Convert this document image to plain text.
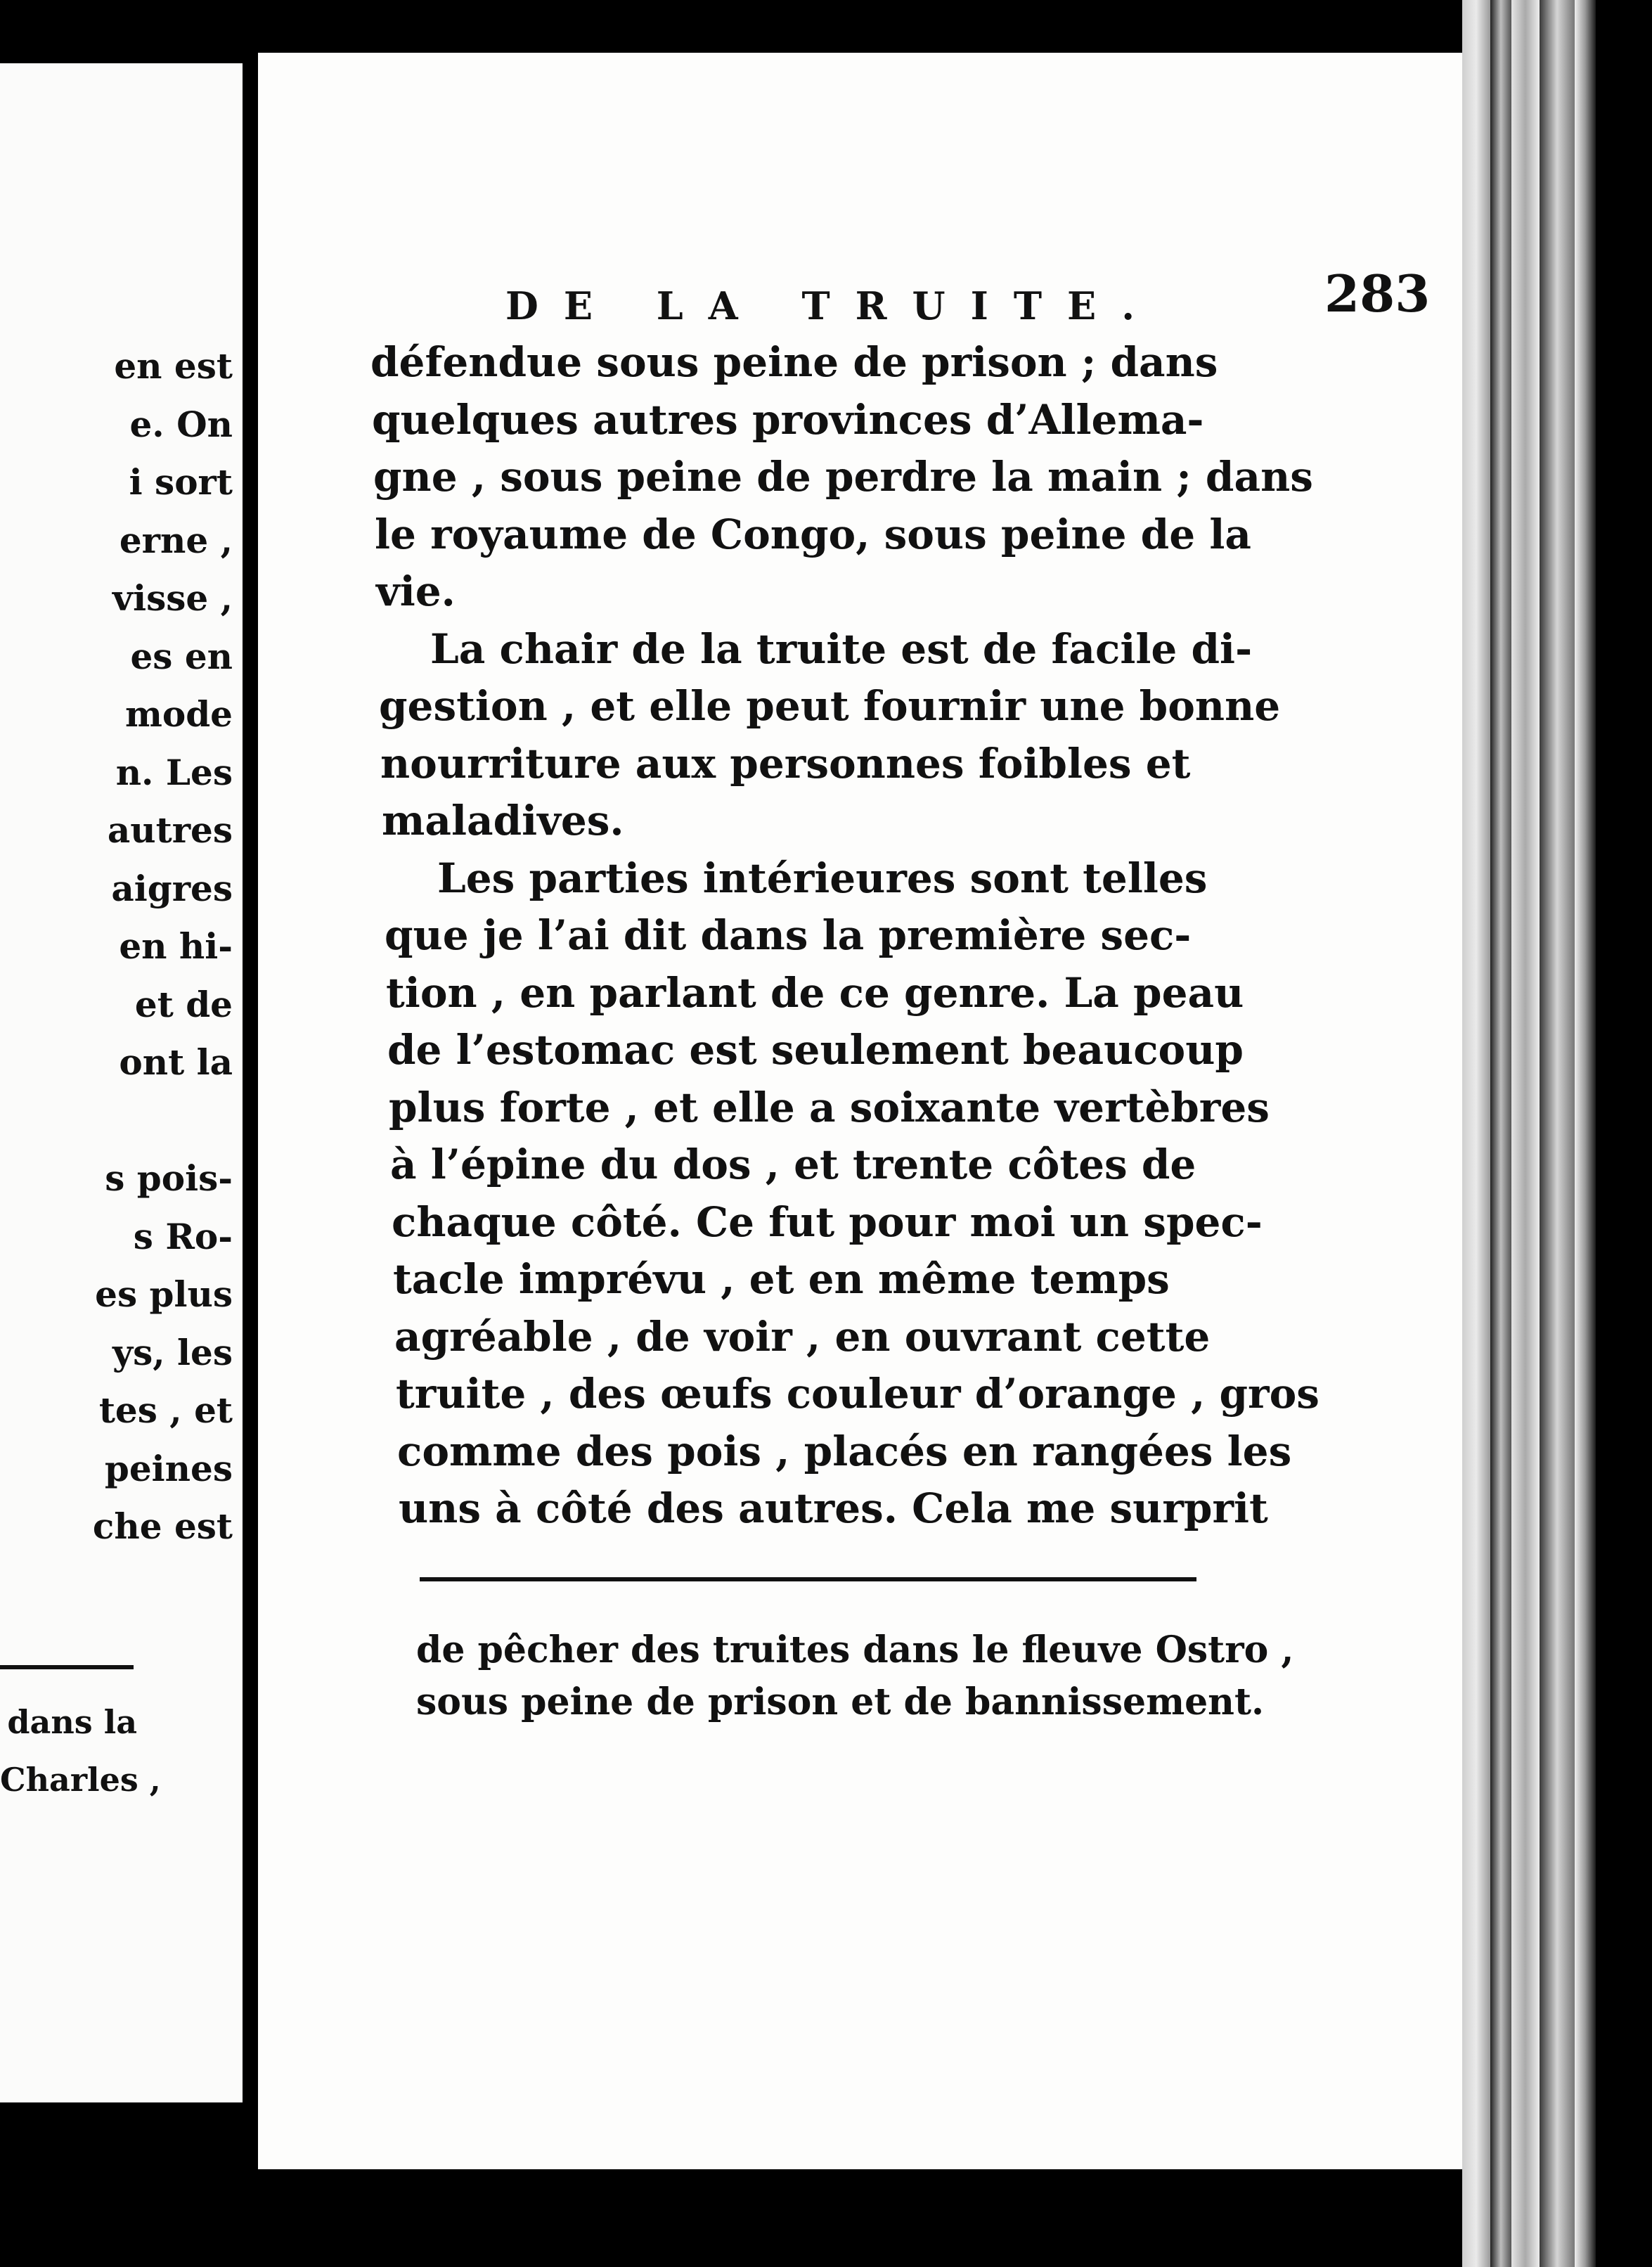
en est
e. On
i sort
erne ,
visse ,
es en
mode
n. Les
autres
aigres
en hi-
et de
ont la

s pois-
s Ro-
es plus
ys, les
tes , et
peines
che est
dans la
Charles ,
DE LA TRUITE.	283
défendue sous peine de prison ; dans
quelques autres provinces d’Allema-
gne , sous peine de perdre la main ; dans
le royaume de Congo, sous peine de la
vie.
La chair de la truite est de facile di-
gestion , et elle peut fournir une bonne
nourriture aux personnes foibles et
maladives.
Les parties intérieures sont telles
que je l’ai dit dans la première sec-
tion , en parlant de ce genre. La peau
de l’estomac est seulement beaucoup
plus forte , et elle a soixante vertèbres
à l’épine du dos , et trente côtes de
chaque côté. Ce fut pour moi un spec-
tacle imprévu , et en même temps
agréable , de voir , en ouvrant cette
truite , des œufs couleur d’orange , gros
comme des pois , placés en rangées les
uns à côté des autres. Cela me surprit
de pêcher des truites dans le fleuve Ostro ,
sous peine de prison et de bannissement.
